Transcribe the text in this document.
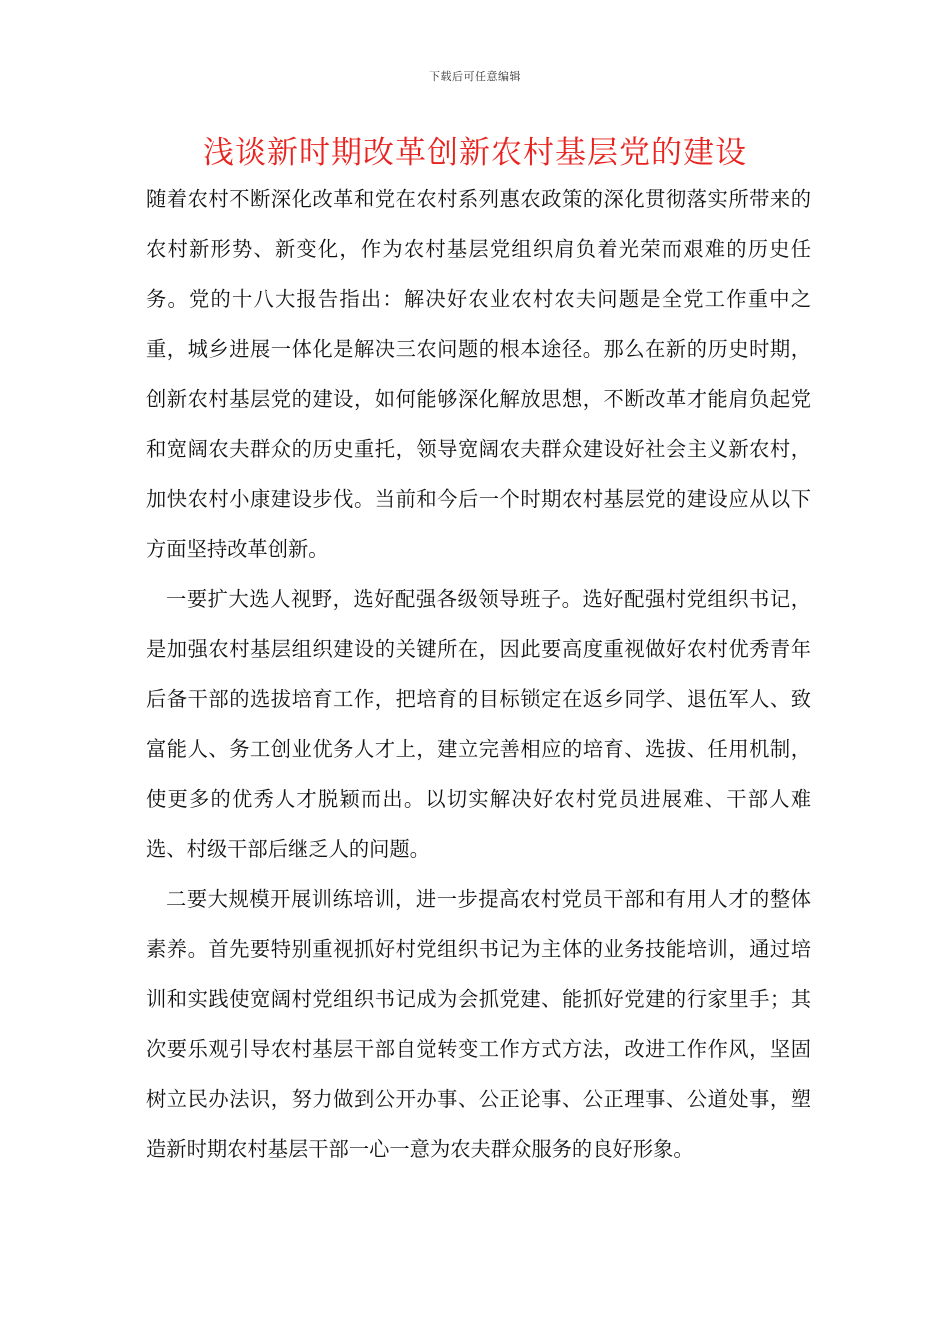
下载后可任意编辑
浅谈新时期改革创新农村基层党的建设

随着农村不断深化改革和党在农村系列惠农政策的深化贯彻落实所带来的农村新形势、新变化，作为农村基层党组织肩负着光荣而艰难的历史任务。党的十八大报告指出：解决好农业农村农夫问题是全党工作重中之重，城乡进展一体化是解决三农问题的根本途径。那么在新的历史时期，创新农村基层党的建设，如何能够深化解放思想，不断改革才能肩负起党和宽阔农夫群众的历史重托，领导宽阔农夫群众建设好社会主义新农村，加快农村小康建设步伐。当前和今后一个时期农村基层党的建设应从以下方面坚持改革创新。

一要扩大选人视野，选好配强各级领导班子。选好配强村党组织书记，是加强农村基层组织建设的关键所在，因此要高度重视做好农村优秀青年后备干部的选拔培育工作，把培育的目标锁定在返乡同学、退伍军人、致富能人、务工创业优务人才上，建立完善相应的培育、选拔、任用机制，使更多的优秀人才脱颖而出。以切实解决好农村党员进展难、干部人难选、村级干部后继乏人的问题。

二要大规模开展训练培训，进一步提高农村党员干部和有用人才的整体素养。首先要特别重视抓好村党组织书记为主体的业务技能培训，通过培训和实践使宽阔村党组织书记成为会抓党建、能抓好党建的行家里手；其次要乐观引导农村基层干部自觉转变工作方式方法，改进工作作风，坚固树立民办法识，努力做到公开办事、公正论事、公正理事、公道处事，塑造新时期农村基层干部一心一意为农夫群众服务的良好形象。
